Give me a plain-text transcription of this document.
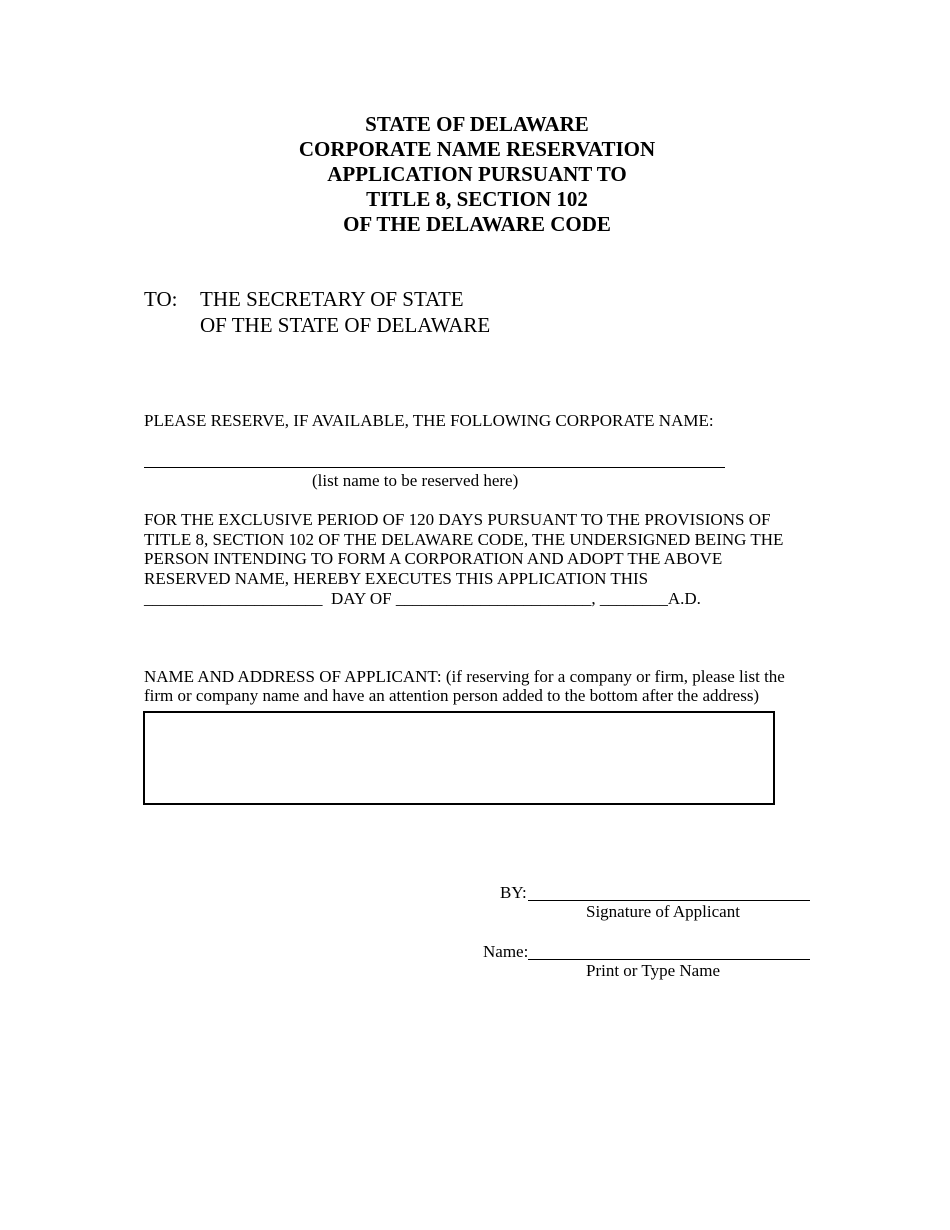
STATE OF DELAWARE
CORPORATE NAME RESERVATION
APPLICATION PURSUANT TO
TITLE 8, SECTION 102
OF THE DELAWARE CODE
TO: THE SECRETARY OF STATE
OF THE STATE OF DELAWARE
PLEASE RESERVE, IF AVAILABLE, THE FOLLOWING CORPORATE NAME:
(list name to be reserved here)
FOR THE EXCLUSIVE PERIOD OF 120 DAYS PURSUANT TO THE PROVISIONS OF
TITLE 8, SECTION 102 OF THE DELAWARE CODE, THE UNDERSIGNED BEING THE
PERSON INTENDING TO FORM A CORPORATION AND ADOPT THE ABOVE
RESERVED NAME, HEREBY EXECUTES THIS APPLICATION THIS
_____________________  DAY OF _______________________, ________A.D.
NAME AND ADDRESS OF APPLICANT: (if reserving for a company or firm, please list the
firm or company name and have an attention person added to the bottom after the address)
BY:
Signature of Applicant
Name:
Print or Type Name
